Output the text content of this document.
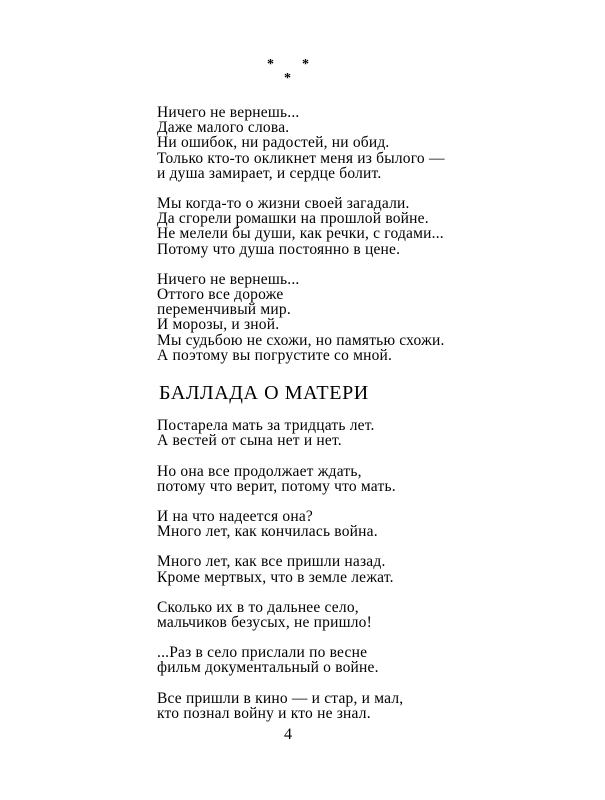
* *
*
Ничего не вернешь...
Даже малого слова.
Ни ошибок, ни радостей, ни обид.
Только кто-то окликнет меня из былого —
и душа замирает, и сердце болит.
Мы когда-то о жизни своей загадали.
Да сгорели ромашки на прошлой войне.
Не мелели бы души, как речки, с годами...
Потому что душа постоянно в цене.
Ничего не вернешь...
Оттого все дороже
переменчивый мир.
И морозы, и зной.
Мы судьбою не схожи, но памятью схожи.
А поэтому вы погрустите со мной.
БАЛЛАДА О МАТЕРИ
Постарела мать за тридцать лет.
А вестей от сына нет и нет.
Но она все продолжает ждать,
потому что верит, потому что мать.
И на что надеется она?
Много лет, как кончилась война.
Много лет, как все пришли назад.
Кроме мертвых, что в земле лежат.
Сколько их в то дальнее село,
мальчиков безусых, не пришло!
...Раз в село прислали по весне
фильм документальный о войне.
Все пришли в кино — и стар, и мал,
кто познал войну и кто не знал.
4
